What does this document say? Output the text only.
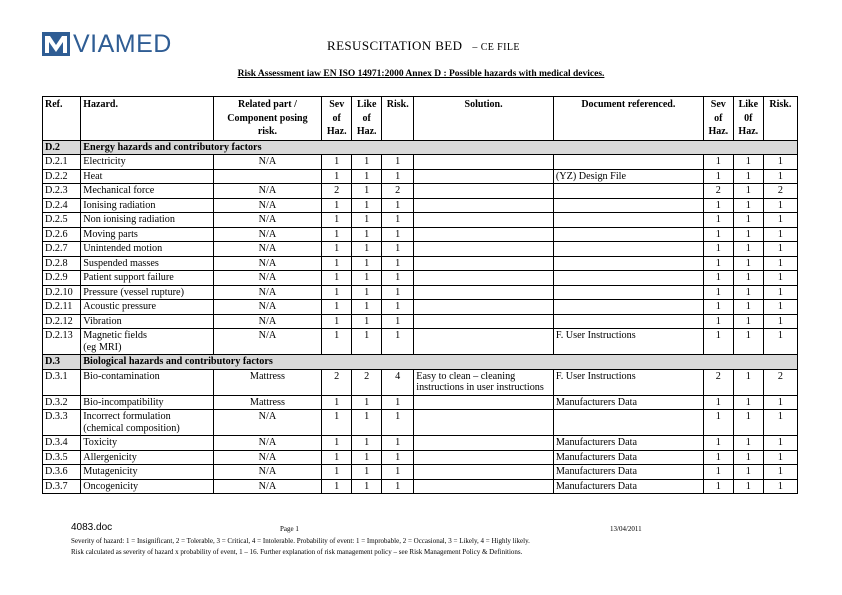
VIAMED	RESUSCITATION BED – CE FILE
Risk Assessment iaw EN ISO 14971:2000 Annex D : Possible hazards with medical devices.
Ref.	Hazard.	Related part /
Component posing
risk.	Sev
of
Haz.	Like
of
Haz.	Risk.	Solution.	Document referenced.	Sev
of
Haz.	Like
0f
Haz.	Risk.
D.2	Energy hazards and contributory factors									
D.2.1	Electricity	N/A	1	1	1			1	1	1
D.2.2	Heat		1	1	1		(YZ) Design File	1	1	1
D.2.3	Mechanical force	N/A	2	1	2			2	1	2
D.2.4	Ionising radiation	N/A	1	1	1			1	1	1
D.2.5	Non ionising radiation	N/A	1	1	1			1	1	1
D.2.6	Moving parts	N/A	1	1	1			1	1	1
D.2.7	Unintended motion	N/A	1	1	1			1	1	1
D.2.8	Suspended masses	N/A	1	1	1			1	1	1
D.2.9	Patient support failure	N/A	1	1	1			1	1	1
D.2.10	Pressure (vessel rupture)	N/A	1	1	1			1	1	1
D.2.11	Acoustic pressure	N/A	1	1	1			1	1	1
D.2.12	Vibration	N/A	1	1	1			1	1	1
D.2.13	Magnetic fields
(eg MRI)	N/A	1	1	1		F. User Instructions	1	1	1
D.3	Biological hazards and contributory factors									
D.3.1	Bio-contamination	Mattress	2	2	4	Easy to clean – cleaning instructions in user instructions	F. User Instructions	2	1	2
D.3.2	Bio-incompatibility	Mattress	1	1	1		Manufacturers Data	1	1	1
D.3.3	Incorrect formulation
(chemical composition)	N/A	1	1	1			1	1	1
D.3.4	Toxicity	N/A	1	1	1		Manufacturers Data	1	1	1
D.3.5	Allergenicity	N/A	1	1	1		Manufacturers Data	1	1	1
D.3.6	Mutagenicity	N/A	1	1	1		Manufacturers Data	1	1	1
D.3.7	Oncogenicity	N/A	1	1	1		Manufacturers Data	1	1	1
4083.doc	Page 1	13/04/2011
Severity of hazard: 1 = Insignificant, 2 = Tolerable, 3 = Critical, 4 = Intolerable. Probability of event: 1 = Improbable, 2 = Occasional, 3 = Likely, 4 = Highly likely.
Risk calculated as severity of hazard x probability of event, 1 – 16. Further explanation of risk management policy – see Risk Management Policy & Definitions.
